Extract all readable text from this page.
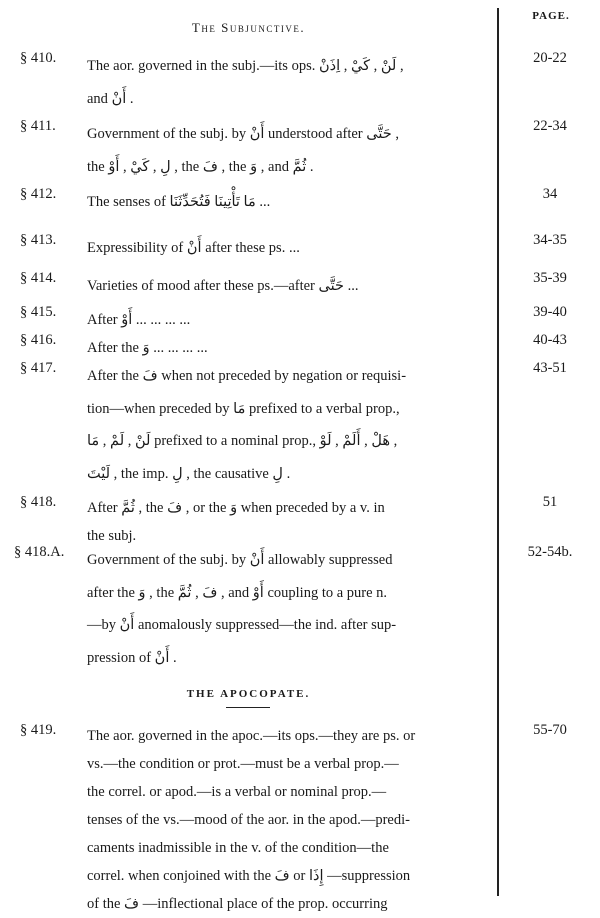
PAGE.
The Subjunctive.
§ 410.	The aor. governed in the subj.—its ops. لَنْ , كَيْ , اِذَنْ ,
and أَنْ .
20-22
§ 411.	Government of the subj. by أَنْ understood after حَتَّى ,
the لِ , كَيْ , أَوْ , the فَ , the وَ , and ثُمَّ .
22-34
§ 412.	The senses of مَا تَأْتِينَا فَتُحَدِّثَنَا ...	34
§ 413.	Expressibility of أَنْ after these ps. ...	34-35
§ 414.	Varieties of mood after these ps.—after حَتَّى ...	35-39
§ 415.	After أَوْ ... ... ... ...	39-40
§ 416.	After the وَ ... ... ... ...	40-43
§ 417.	After the فَ when not preceded by negation or requisi-
tion—when preceded by مَا prefixed to a verbal prop.,
لَنْ , لَمْ , مَا prefixed to a nominal prop., هَلْ , أَلَمْ , لَوْ ,
لَيْتَ , the imp. لِ , the causative لِ .
43-51
§ 418.	After ثُمَّ , the فَ , or the وَ when preceded by a v. in
the subj.
51
§ 418.A.	Government of the subj. by أَنْ allowably suppressed
after the وَ , the فَ , ثُمَّ , and أَوْ coupling to a pure n.
—by أَنْ anomalously suppressed—the ind. after sup-
pression of أَنْ .
52-54b.
THE APOCOPATE.
§ 419.	The aor. governed in the apoc.—its ops.—they are ps. or
vs.—the condition or prot.—must be a verbal prop.—
the correl. or apod.—is a verbal or nominal prop.—
tenses of the vs.—mood of the aor. in the apod.—predi-
caments inadmissible in the v. of the condition—the
correl. when conjoined with the فَ or إِذَا —suppression
of the فَ —inflectional place of the prop. occurring
55-70
